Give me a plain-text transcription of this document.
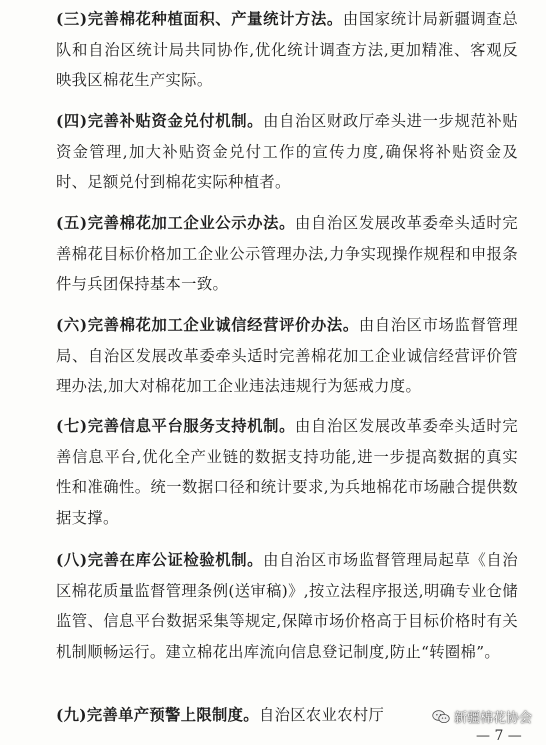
(三)完善棉花种植面积、产量统计方法。由国家统计局新疆调查总队和自治区统计局共同协作,优化统计调查方法,更加精准、客观反映我区棉花生产实际。

(四)完善补贴资金兑付机制。由自治区财政厅牵头进一步规范补贴资金管理,加大补贴资金兑付工作的宣传力度,确保将补贴资金及时、足额兑付到棉花实际种植者。

(五)完善棉花加工企业公示办法。由自治区发展改革委牵头适时完善棉花目标价格加工企业公示管理办法,力争实现操作规程和申报条件与兵团保持基本一致。

(六)完善棉花加工企业诚信经营评价办法。由自治区市场监督管理局、自治区发展改革委牵头适时完善棉花加工企业诚信经营评价管理办法,加大对棉花加工企业违法违规行为惩戒力度。

(七)完善信息平台服务支持机制。由自治区发展改革委牵头适时完善信息平台,优化全产业链的数据支持功能,进一步提高数据的真实性和准确性。统一数据口径和统计要求,为兵地棉花市场融合提供数据支撑。

(八)完善在库公证检验机制。由自治区市场监督管理局起草《自治区棉花质量监督管理条例(送审稿)》,按立法程序报送,明确专业仓储监管、信息平台数据采集等规定,保障市场价格高于目标价格时有关机制顺畅运行。建立棉花出库流向信息登记制度,防止“转圈棉”。

(九)完善单产预警上限制度。自治区农业农村厅	新疆棉花协会
— 7 —
